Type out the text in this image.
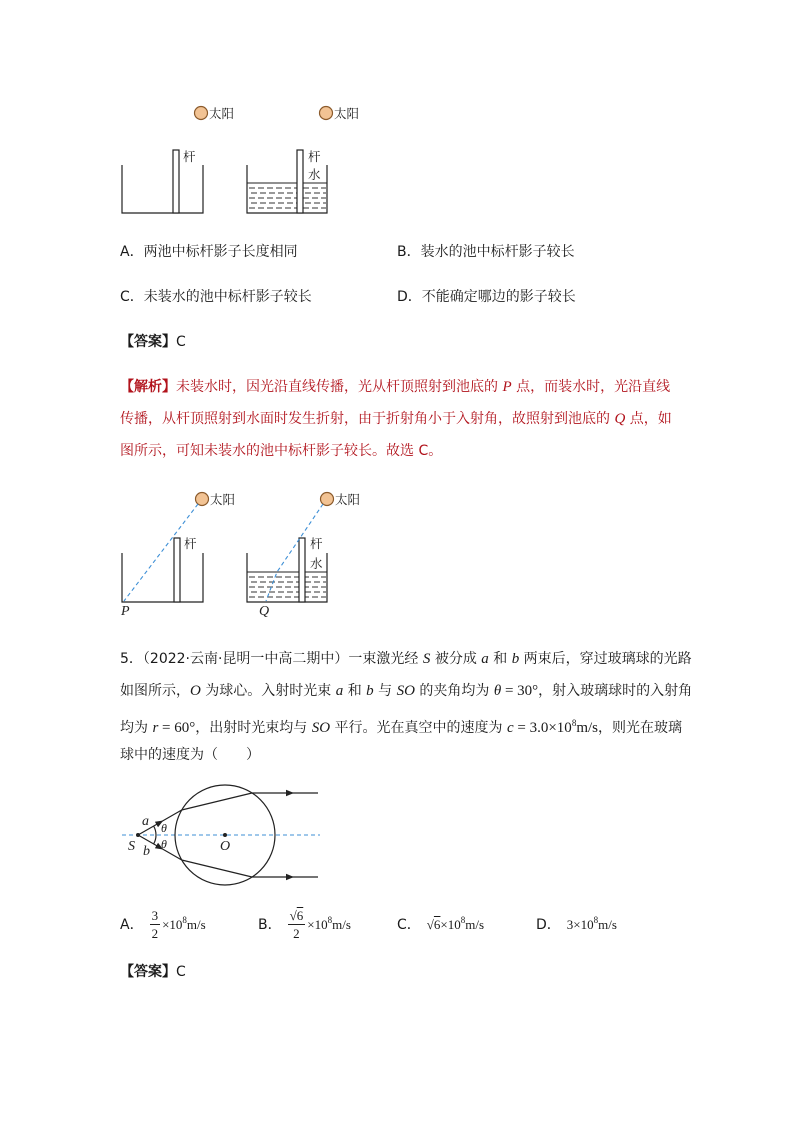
太阳
杆
太阳
杆
水
A．两池中标杆影子长度相同	B．装水的池中标杆影子较长
C．未装水的池中标杆影子较长	D．不能确定哪边的影子较长
【答案】C
【解析】未装水时，因光沿直线传播，光从杆顶照射到池底的 P 点，而装水时，光沿直线
传播，从杆顶照射到水面时发生折射，由于折射角小于入射角，故照射到池底的 Q 点，如
图所示，可知未装水的池中标杆影子较长。故选 C。
太阳
杆
P
太阳
杆
水
Q
5．（2022·云南·昆明一中高二期中）一束激光经 S 被分成 a 和 b 两束后，穿过玻璃球的光路
如图所示，O 为球心。入射时光束 a 和 b 与 SO 的夹角均为 θ = 30°，射入玻璃球时的入射角
均为 r = 60°，出射时光束均与 SO 平行。光在真空中的速度为 $c = 3.0\times 10^8m/s$，则光在玻璃
球中的速度为（　　）
a θ
θ
b
S	O
A． $\frac{3}{2} \times 10^8m/s$	B． $\frac{√6}{2} \times 10^8m/s$	C． $√6\times 10^8m/s$	D． $3\times 10^8m/s$
【答案】C
